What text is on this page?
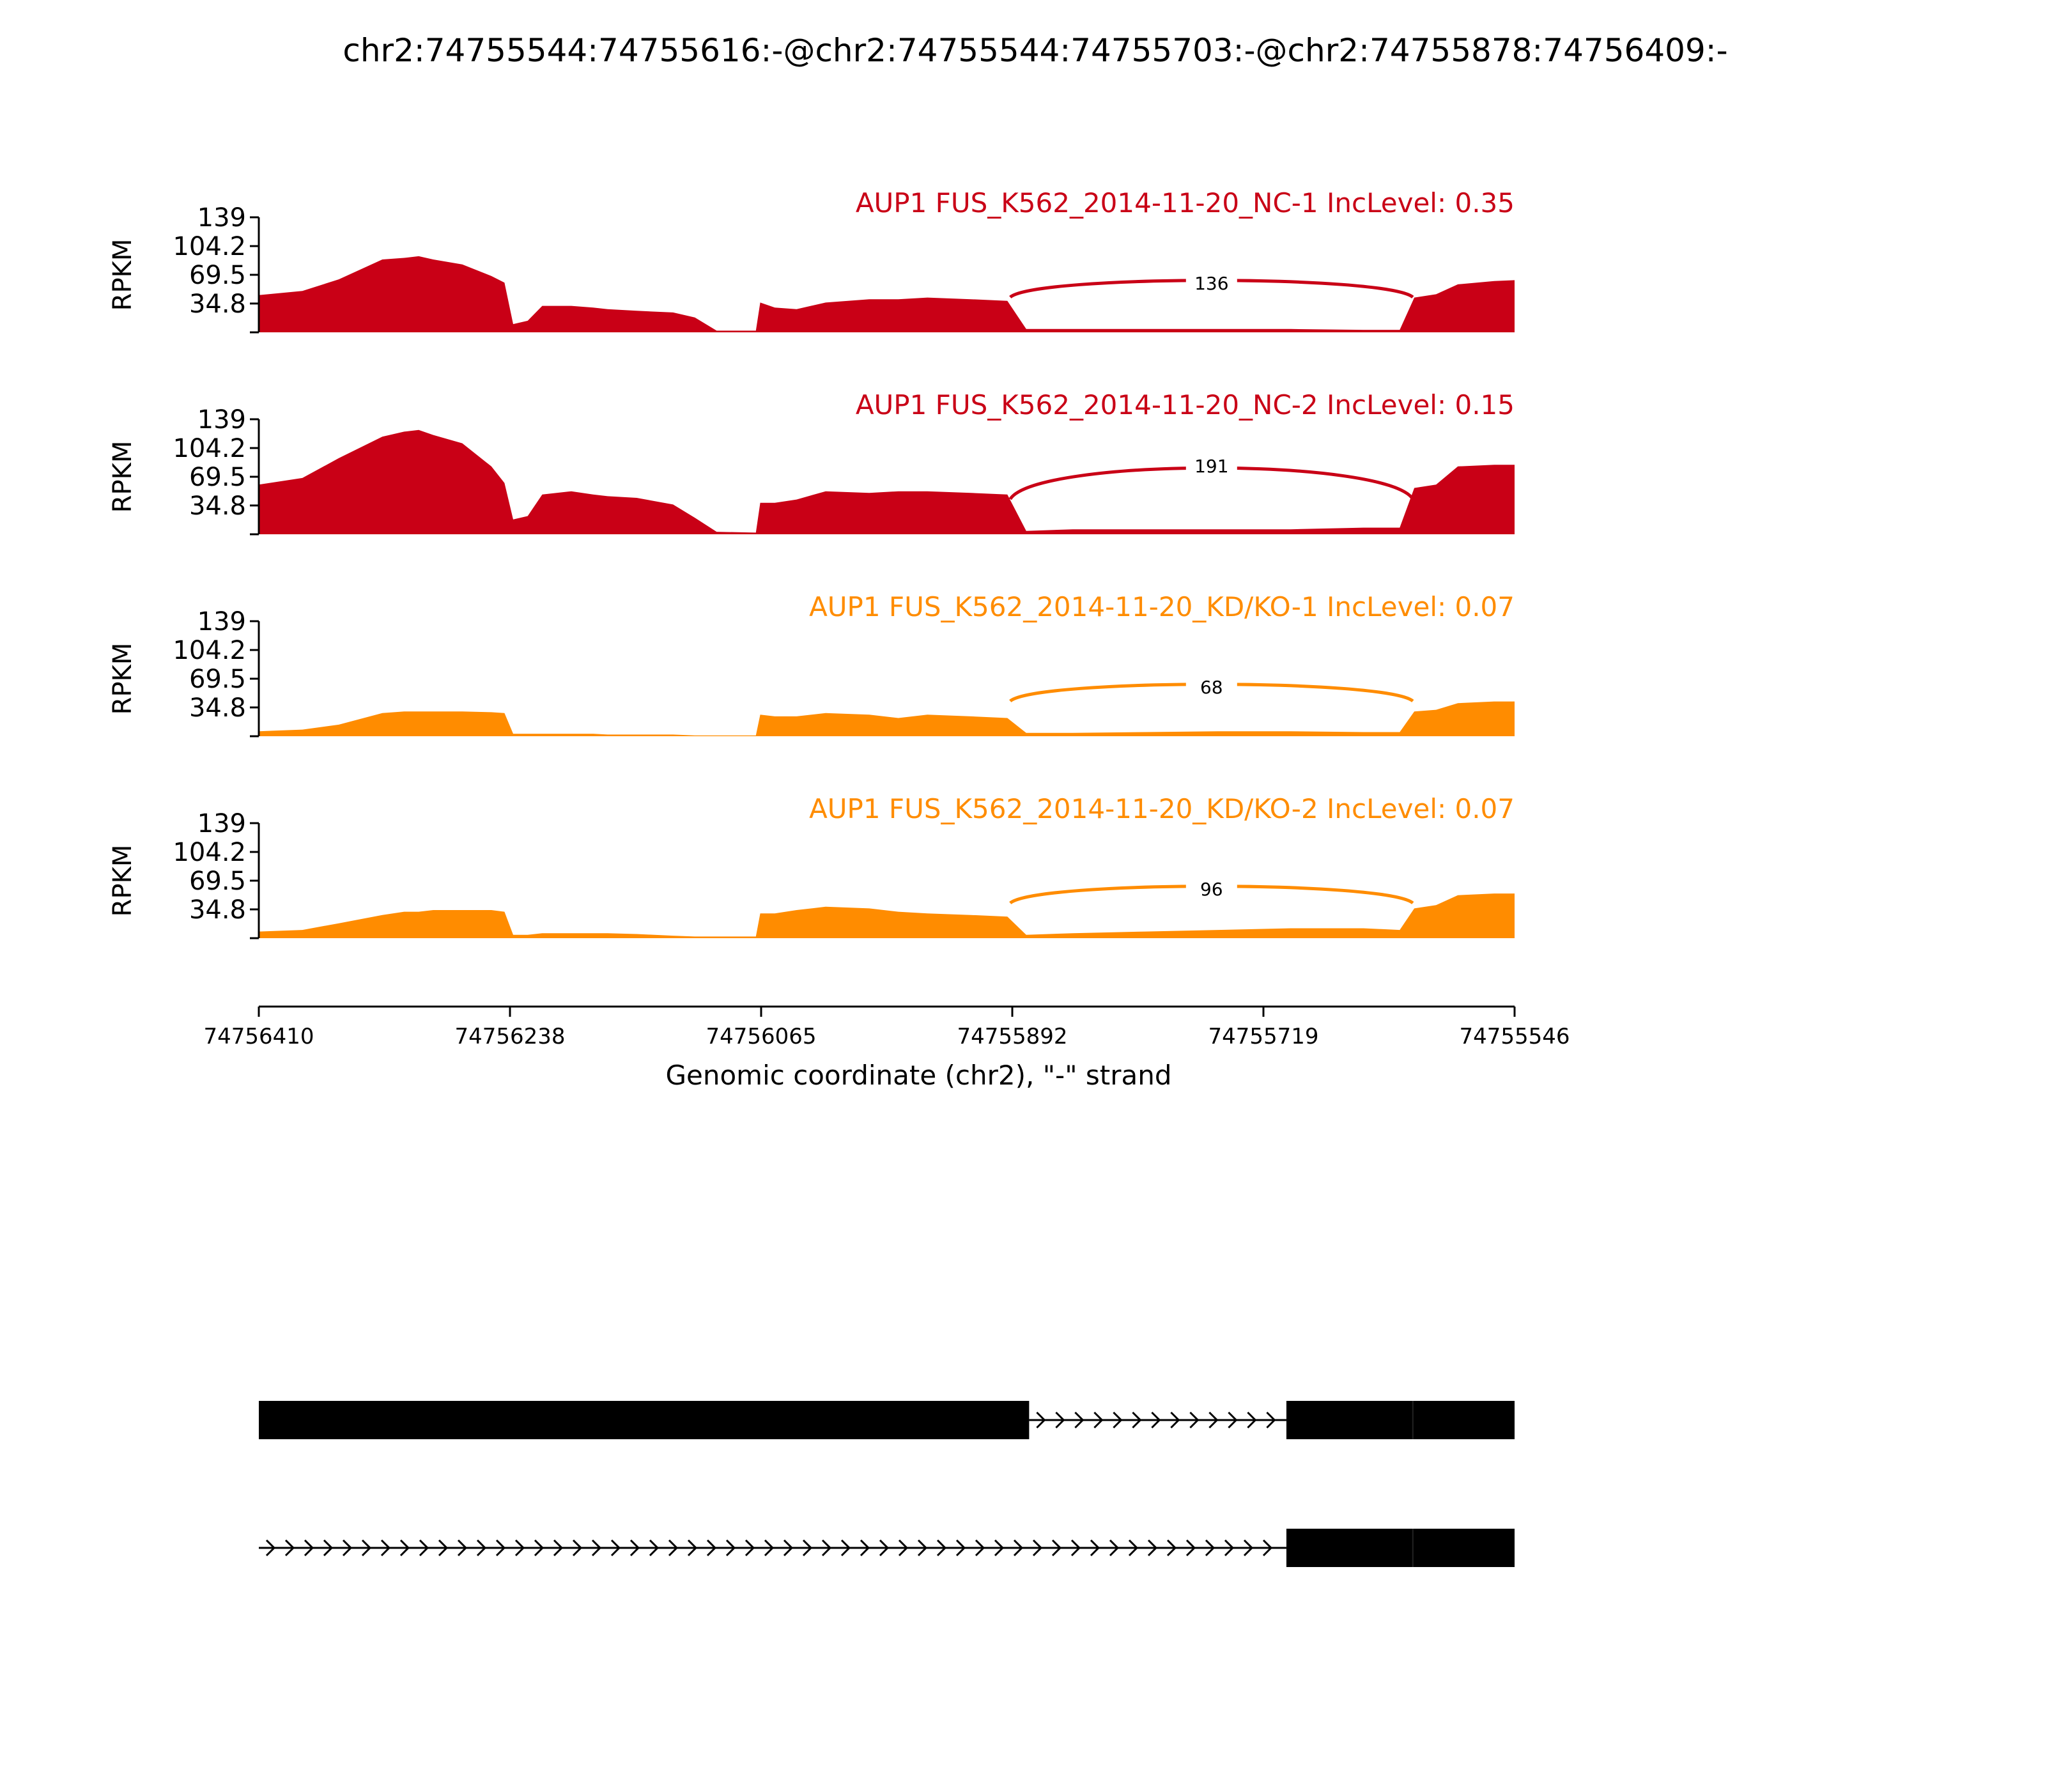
chr2:74755544:74755616:-@chr2:74755544:74755703:-@chr2:74755878:74756409:-
136
139
104.2
69.5
34.8
RPKM
AUP1 FUS_K562_2014-11-20_NC-1 IncLevel: 0.35
191
139
104.2
69.5
34.8
RPKM
AUP1 FUS_K562_2014-11-20_NC-2 IncLevel: 0.15
68
139
104.2
69.5
34.8
RPKM
AUP1 FUS_K562_2014-11-20_KD/KO-1 IncLevel: 0.07
96
139
104.2
69.5
34.8
RPKM
AUP1 FUS_K562_2014-11-20_KD/KO-2 IncLevel: 0.07
74756410	74756238	74756065	74755892	74755719	74755546
Genomic coordinate (chr2), "-" strand
